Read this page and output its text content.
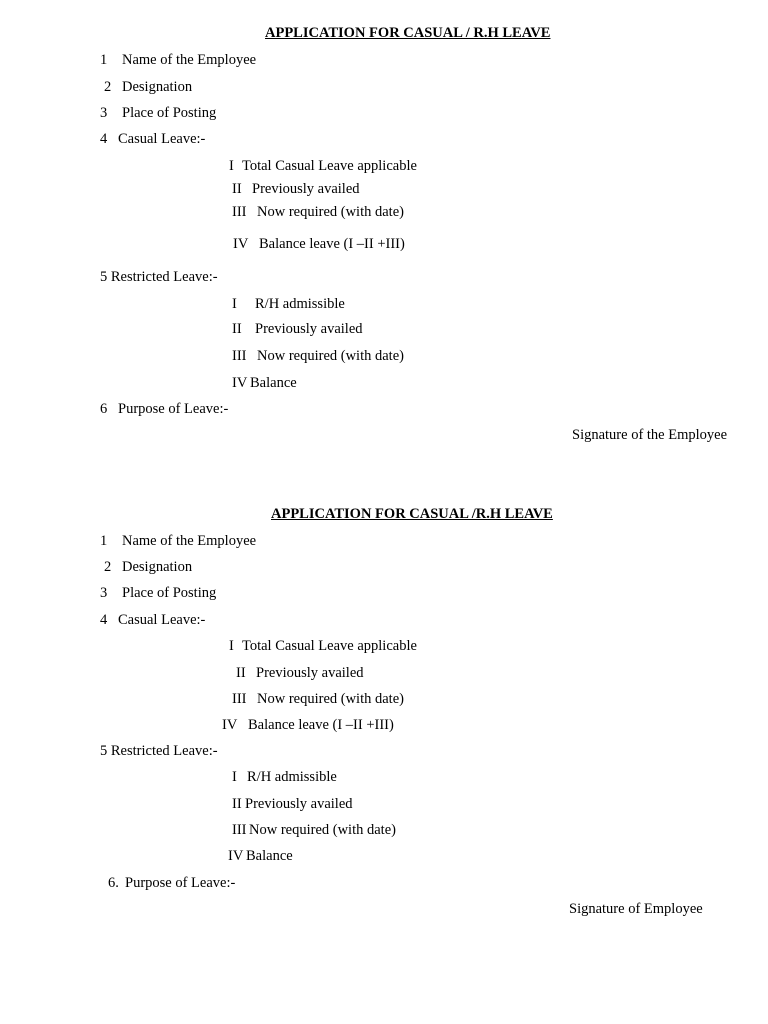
APPLICATION FOR CASUAL / R.H LEAVE
1 Name of the Employee
2 Designation
3 Place of Posting
4 Casual Leave:-
I Total Casual Leave applicable
II Previously availed
III Now required (with date)
IV Balance leave (I –II +III)
5 Restricted Leave:-
I R/H admissible
II Previously availed
III Now required (with date)
IV Balance
6 Purpose of Leave:-
Signature of the Employee
APPLICATION FOR CASUAL /R.H LEAVE
1 Name of the Employee
2 Designation
3 Place of Posting
4 Casual Leave:-
I Total Casual Leave applicable
II Previously availed
III Now required (with date)
IV Balance leave (I –II +III)
5 Restricted Leave:-
I R/H admissible
II Previously availed
III Now required (with date)
IV Balance
6. Purpose of Leave:-
Signature of Employee
